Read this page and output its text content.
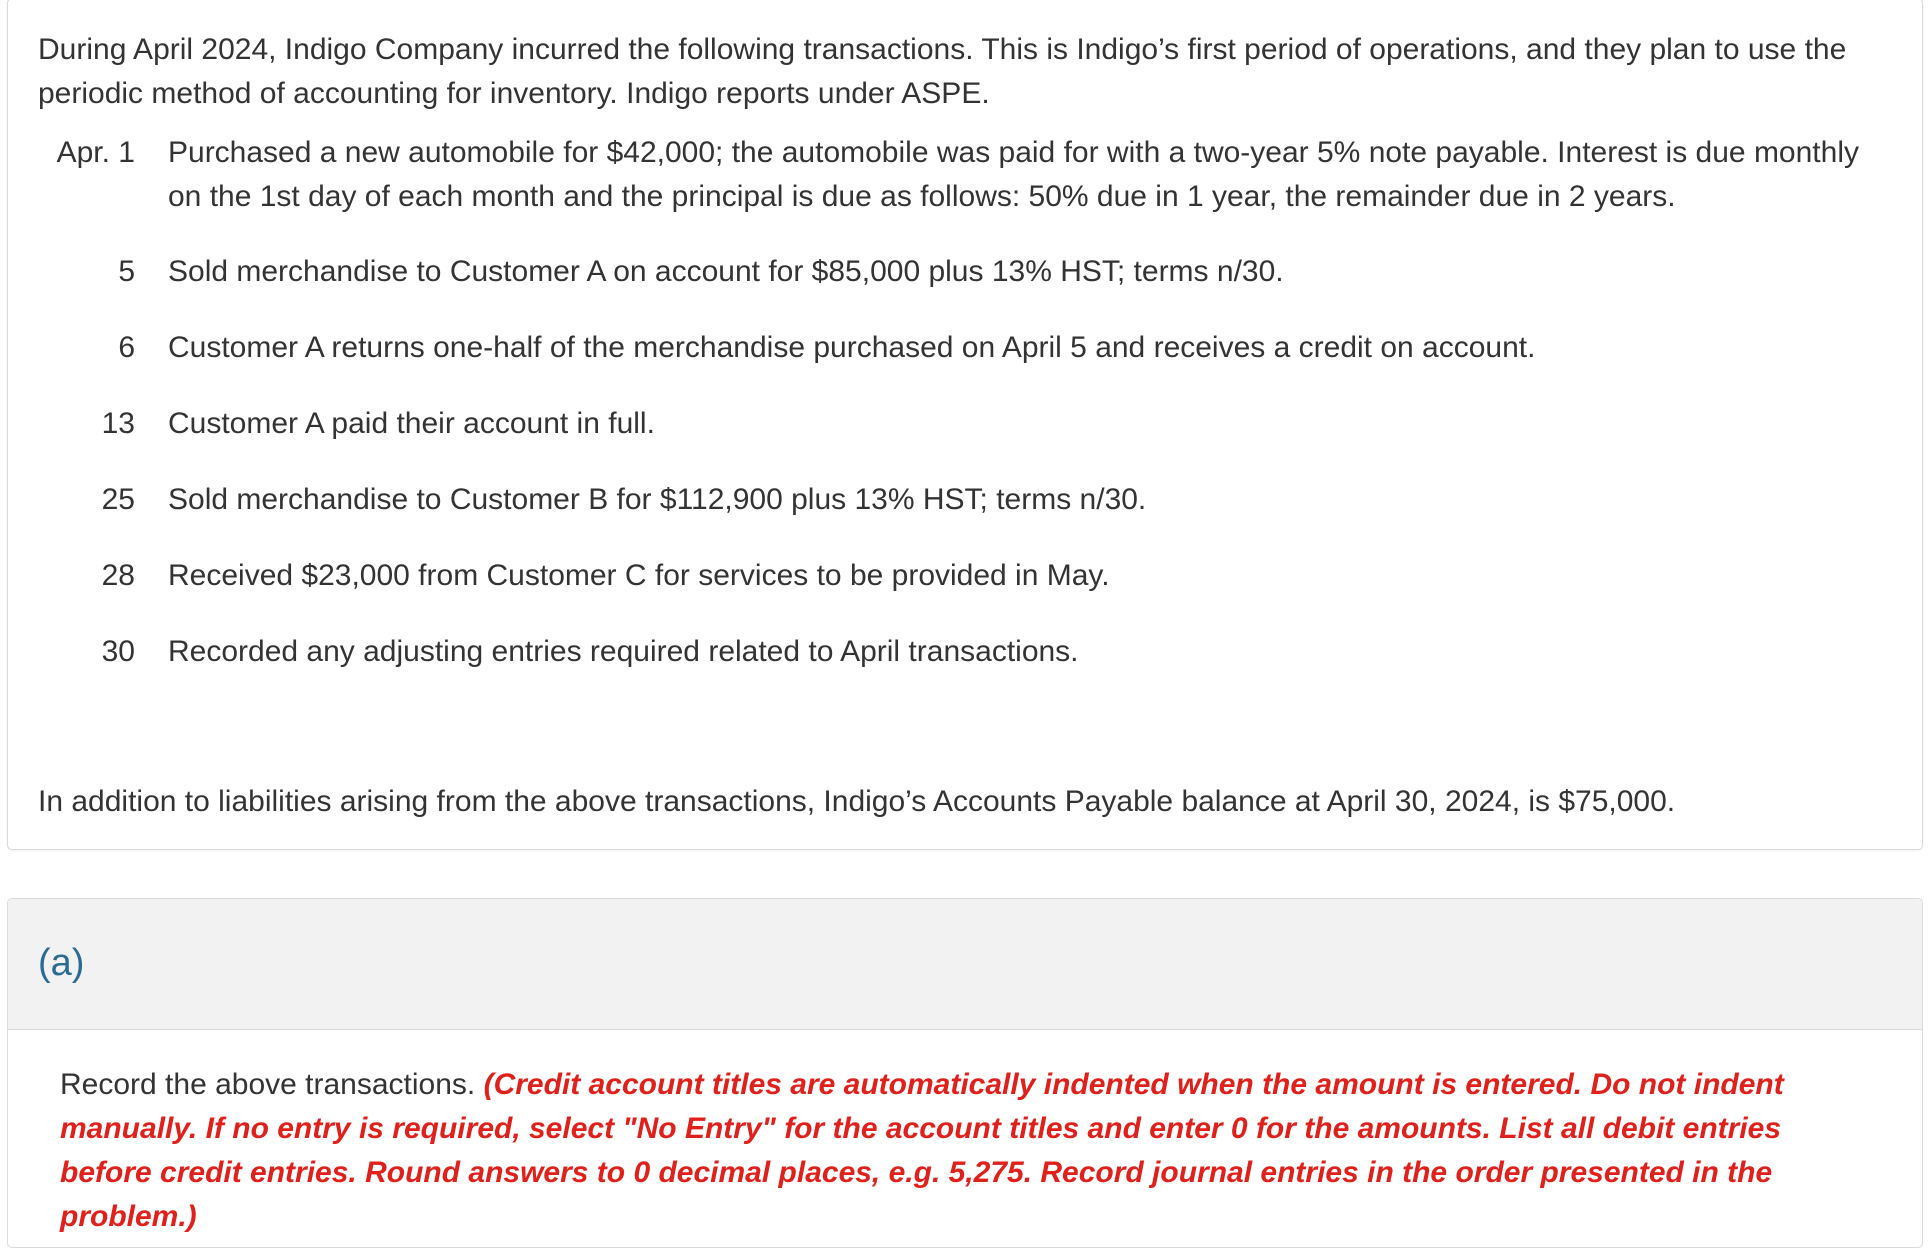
During April 2024, Indigo Company incurred the following transactions. This is Indigo’s first period of operations, and they plan to use the periodic method of accounting for inventory. Indigo reports under ASPE.

Apr. 1 Purchased a new automobile for $42,000; the automobile was paid for with a two-year 5% note payable. Interest is due monthly on the 1st day of each month and the principal is due as follows: 50% due in 1 year, the remainder due in 2 years.
5 Sold merchandise to Customer A on account for $85,000 plus 13% HST; terms n/30.
6 Customer A returns one-half of the merchandise purchased on April 5 and receives a credit on account.
13 Customer A paid their account in full.
25 Sold merchandise to Customer B for $112,900 plus 13% HST; terms n/30.
28 Received $23,000 from Customer C for services to be provided in May.
30 Recorded any adjusting entries required related to April transactions.

In addition to liabilities arising from the above transactions, Indigo’s Accounts Payable balance at April 30, 2024, is $75,000.

(a)

Record the above transactions. (Credit account titles are automatically indented when the amount is entered. Do not indent manually. If no entry is required, select "No Entry" for the account titles and enter 0 for the amounts. List all debit entries before credit entries. Round answers to 0 decimal places, e.g. 5,275. Record journal entries in the order presented in the problem.)
